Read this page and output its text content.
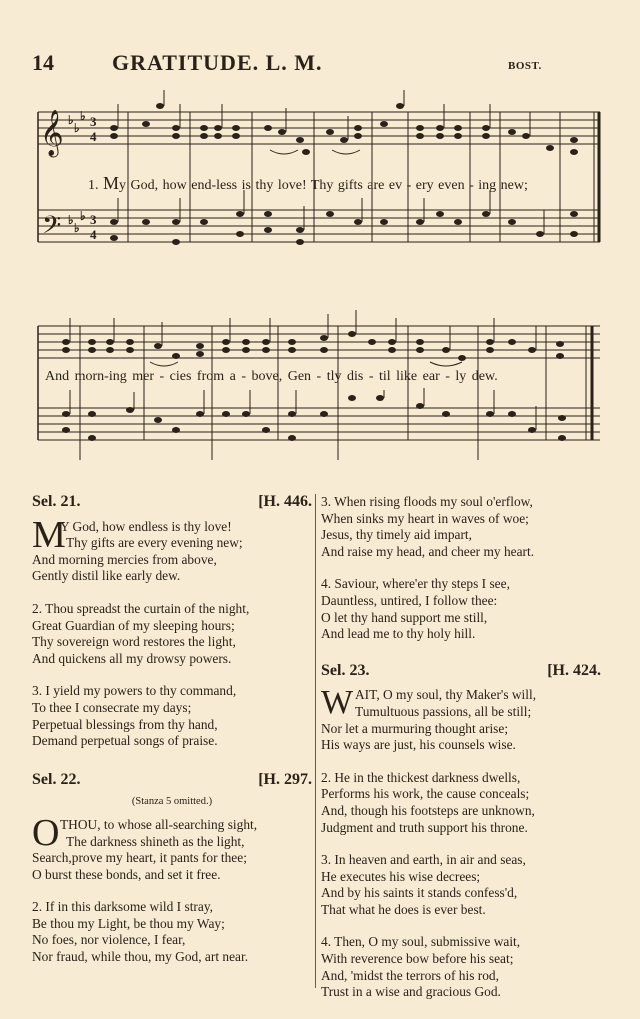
14	GRATITUDE. L. M.	BOST.
𝄞
𝄢
♭
♭
♭ 3
4
♭
♭
♭ 3
4
1. My God, how end-less is thy love! Thy gifts are ev - ery even - ing new;
And morn-ing mer - cies from a - bove, Gen - tly dis - til like ear - ly dew.
Sel. 21.	[H. 446.
M
Y God, how endless is thy love!
Thy gifts are every evening new;
And morning mercies from above,
Gently distil like early dew.
2. Thou spreadst the curtain of the night,
Great Guardian of my sleeping hours;
Thy sovereign word restores the light,
And quickens all my drowsy powers.
3. I yield my powers to thy command,
To thee I consecrate my days;
Perpetual blessings from thy hand,
Demand perpetual songs of praise.
Sel. 22.	[H. 297.
(Stanza 5 omitted.)
O THOU, to whose all-searching sight,
The darkness shineth as the light,
Search,prove my heart, it pants for thee;
O burst these bonds, and set it free.
2. If in this darksome wild I stray,
Be thou my Light, be thou my Way;
No foes, nor violence, I fear,
Nor fraud, while thou, my God, art near.
3. When rising floods my soul o'erflow,
When sinks my heart in waves of woe;
Jesus, thy timely aid impart,
And raise my head, and cheer my heart.
4. Saviour, where'er thy steps I see,
Dauntless, untired, I follow thee:
O let thy hand support me still,
And lead me to thy holy hill.
Sel. 23.	[H. 424.
W AIT, O my soul, thy Maker's will,
Tumultuous passions, all be still;
Nor let a murmuring thought arise;
His ways are just, his counsels wise.
2. He in the thickest darkness dwells,
Performs his work, the cause conceals;
And, though his footsteps are unknown,
Judgment and truth support his throne.
3. In heaven and earth, in air and seas,
He executes his wise decrees;
And by his saints it stands confess'd,
That what he does is ever best.
4. Then, O my soul, submissive wait,
With reverence bow before his seat;
And, 'midst the terrors of his rod,
Trust in a wise and gracious God.
